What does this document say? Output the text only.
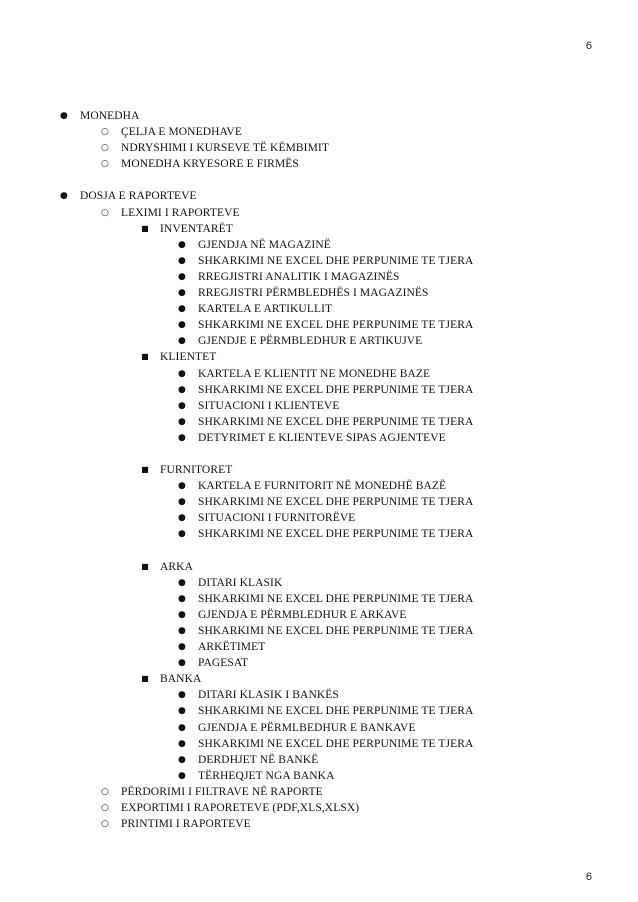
6
● MONEDHA
○ ÇELJA E MONEDHAVE
○ NDRYSHIMI I KURSEVE TË KËMBIMIT
○ MONEDHA KRYESORE E FIRMËS
● DOSJA E RAPORTEVE
○ LEXIMI I RAPORTEVE
■ INVENTARËT
● GJENDJA NË MAGAZINË
● SHKARKIMI NE EXCEL DHE PERPUNIME TE TJERA
● RREGJISTRI ANALITIK I MAGAZINËS
● RREGJISTRI PËRMBLEDHËS I MAGAZINËS
● KARTELA E ARTIKULLIT
● SHKARKIMI NE EXCEL DHE PERPUNIME TE TJERA
● GJENDJE E PËRMBLEDHUR E ARTIKUJVE
■ KLIENTET
● KARTELA E KLIENTIT NE MONEDHE BAZE
● SHKARKIMI NE EXCEL DHE PERPUNIME TE TJERA
● SITUACIONI I KLIENTEVE
● SHKARKIMI NE EXCEL DHE PERPUNIME TE TJERA
● DETYRIMET E KLIENTEVE SIPAS AGJENTEVE
■ FURNITORET
● KARTELA E FURNITORIT NË MONEDHË BAZË
● SHKARKIMI NE EXCEL DHE PERPUNIME TE TJERA
● SITUACIONI I FURNITORËVE
● SHKARKIMI NE EXCEL DHE PERPUNIME TE TJERA
■ ARKA
● DITARI KLASIK
● SHKARKIMI NE EXCEL DHE PERPUNIME TE TJERA
● GJENDJA E PËRMBLEDHUR E ARKAVE
● SHKARKIMI NE EXCEL DHE PERPUNIME TE TJERA
● ARKËTIMET
● PAGESAT
■ BANKA
● DITARI KLASIK I BANKËS
● SHKARKIMI NE EXCEL DHE PERPUNIME TE TJERA
● GJENDJA E PËRMLBEDHUR E BANKAVE
● SHKARKIMI NE EXCEL DHE PERPUNIME TE TJERA
● DERDHJET NË BANKË
● TËRHEQJET NGA BANKA
○ PËRDORIMI I FILTRAVE NË RAPORTE
○ EXPORTIMI I RAPORETEVE (PDF,XLS,XLSX)
○ PRINTIMI I RAPORTEVE
6
